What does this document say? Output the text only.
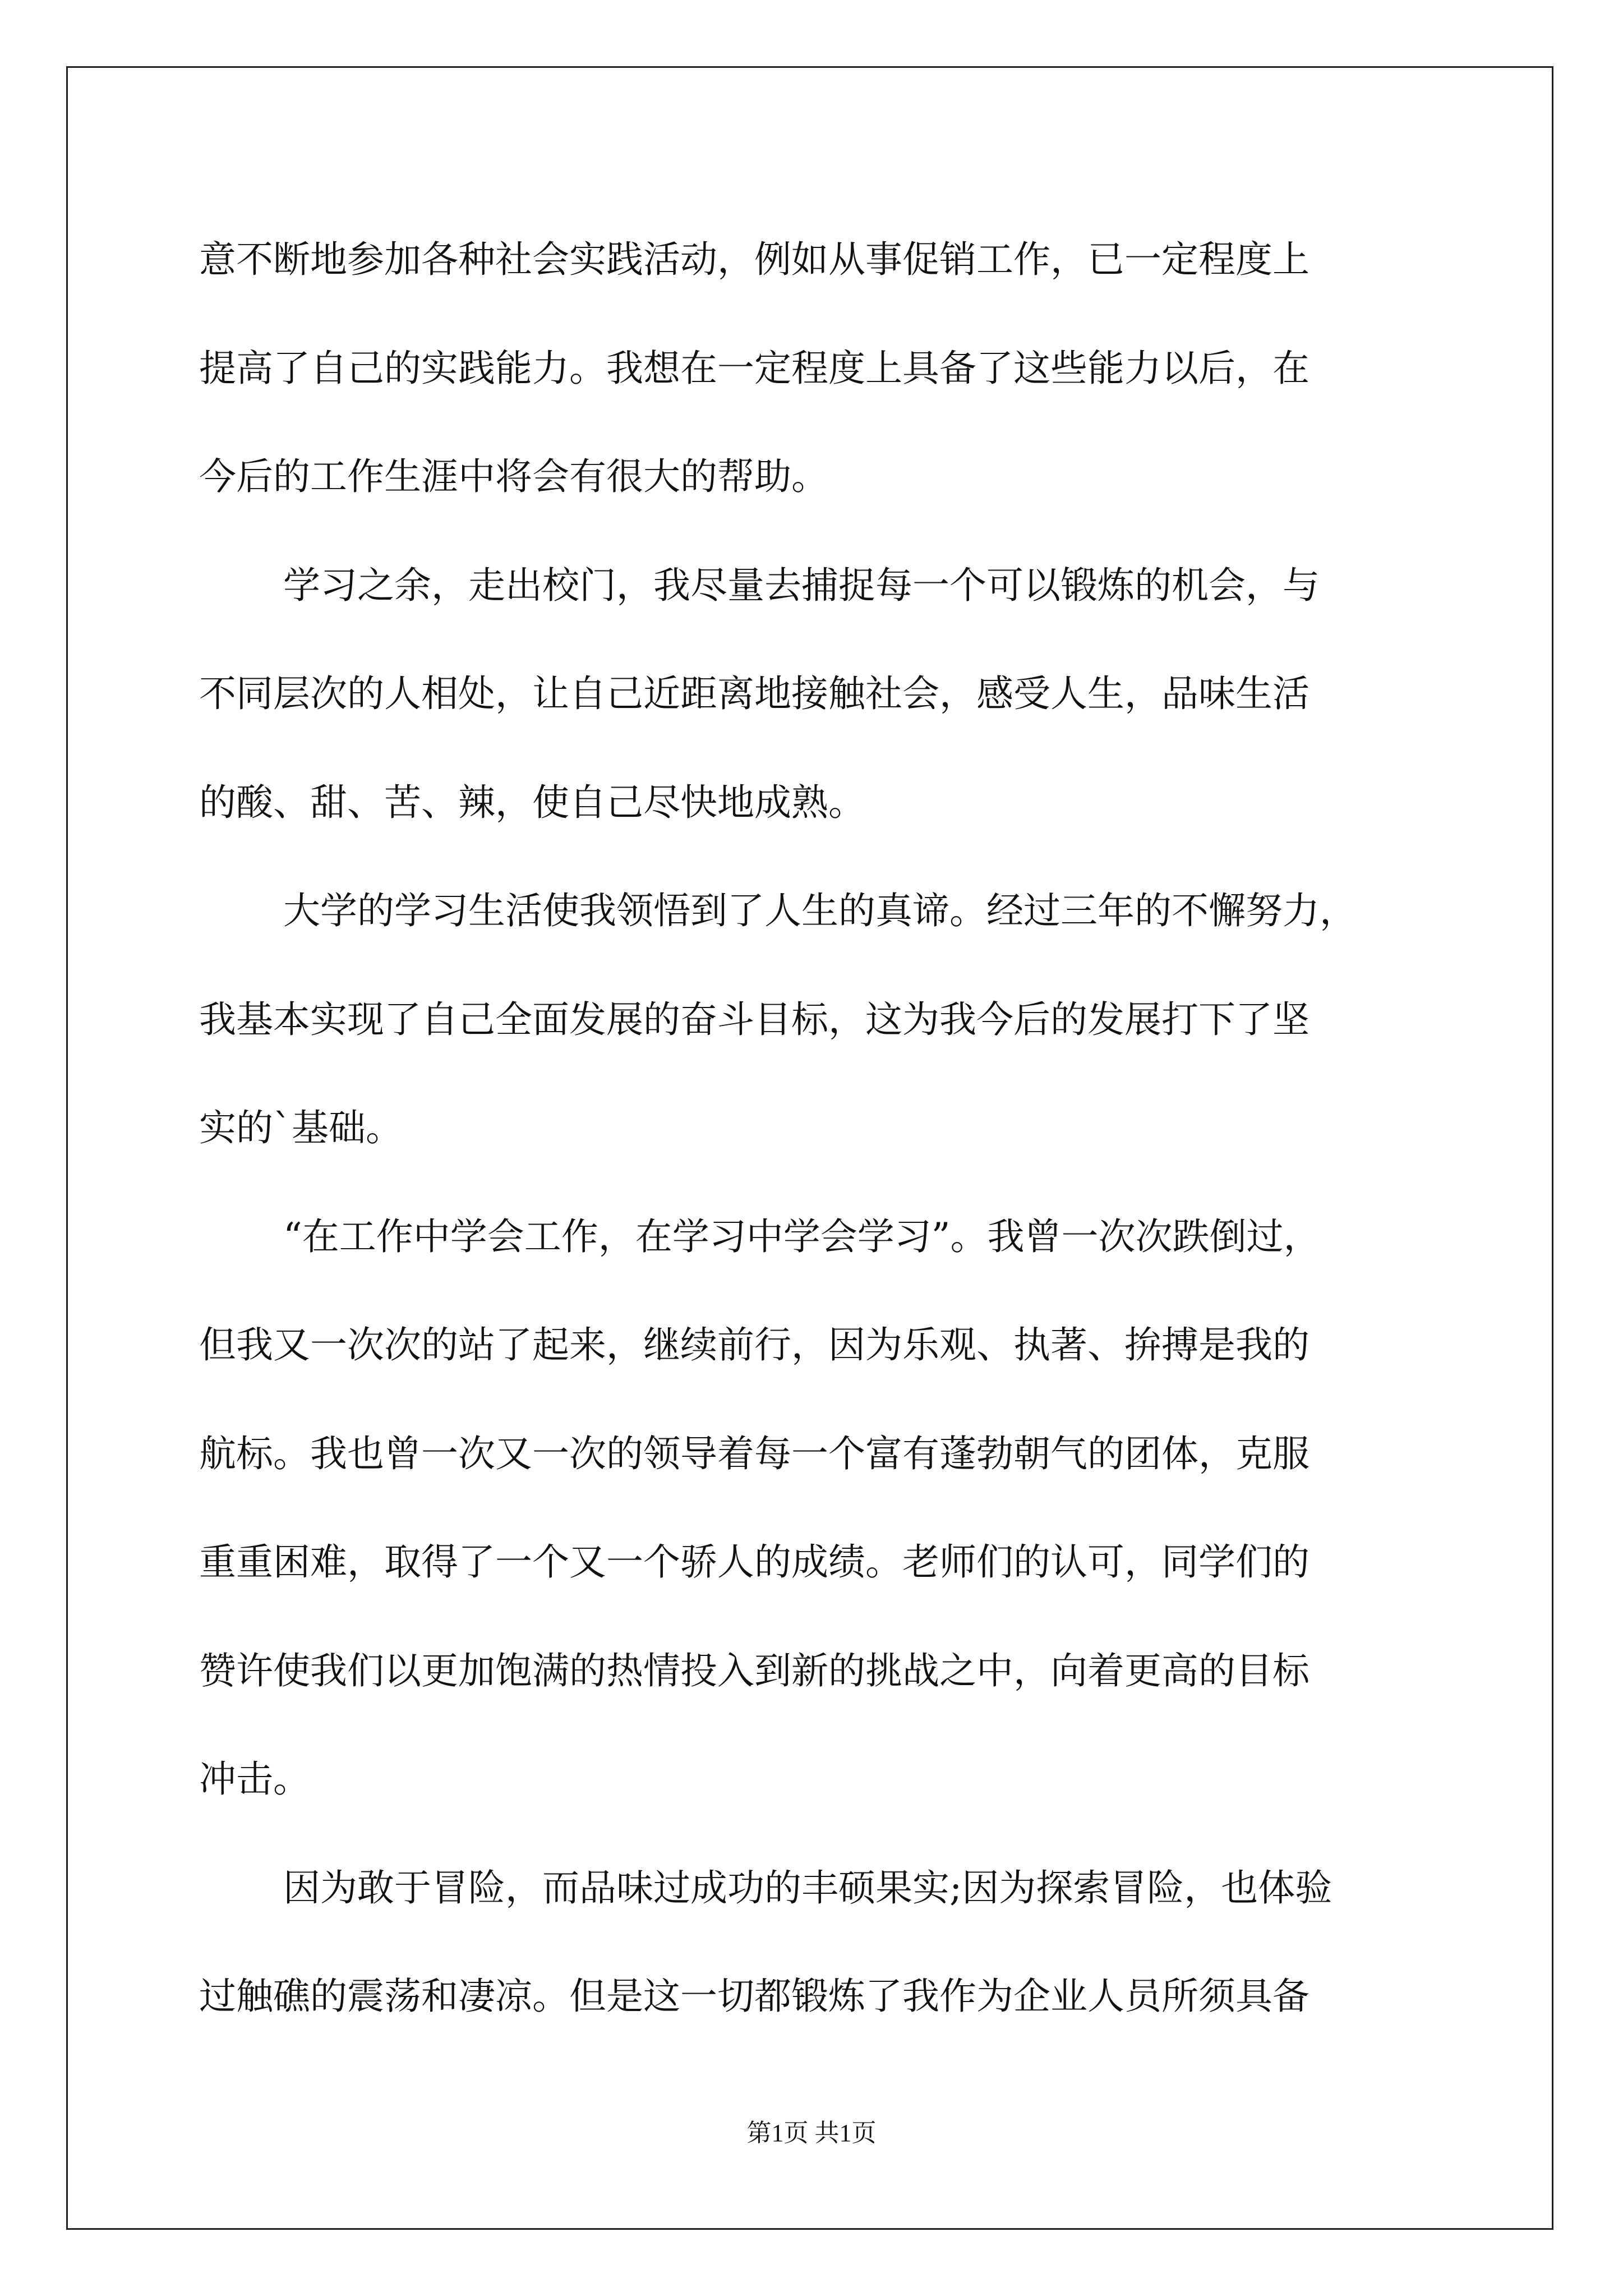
意不断地参加各种社会实践活动，例如从事促销工作，已一定程度上
提高了自己的实践能力。我想在一定程度上具备了这些能力以后，在
今后的工作生涯中将会有很大的帮助。
学习之余，走出校门，我尽量去捕捉每一个可以锻炼的机会，与
不同层次的人相处，让自己近距离地接触社会，感受人生，品味生活
的酸、甜、苦、辣，使自己尽快地成熟。
大学的学习生活使我领悟到了人生的真谛。经过三年的不懈努力，
我基本实现了自己全面发展的奋斗目标，这为我今后的发展打下了坚
实的`基础。
“在工作中学会工作，在学习中学会学习”。我曾一次次跌倒过，
但我又一次次的站了起来，继续前行，因为乐观、执著、拚搏是我的
航标。我也曾一次又一次的领导着每一个富有蓬勃朝气的团体，克服
重重困难，取得了一个又一个骄人的成绩。老师们的认可，同学们的
赞许使我们以更加饱满的热情投入到新的挑战之中，向着更高的目标
冲击。
因为敢于冒险，而品味过成功的丰硕果实;因为探索冒险，也体验
过触礁的震荡和凄凉。但是这一切都锻炼了我作为企业人员所须具备
第1页 共1页
